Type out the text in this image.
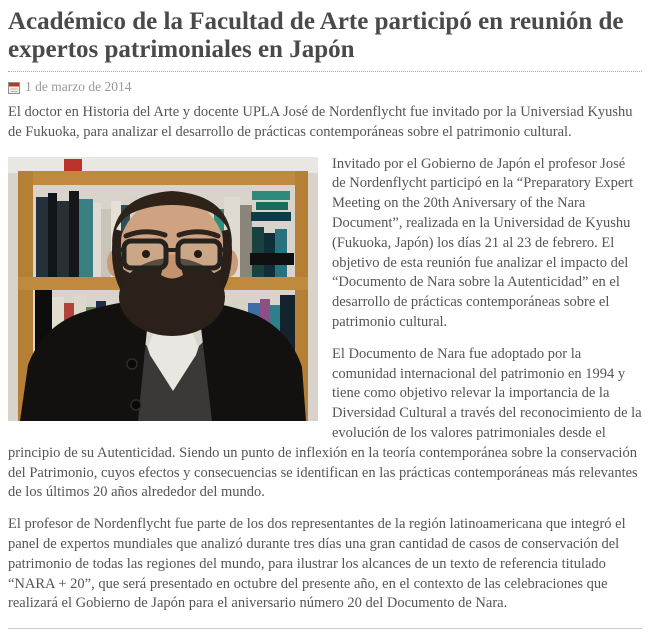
Académico de la Facultad de Arte participó en reunión de expertos patrimoniales en Japón
1 de marzo de 2014

El doctor en Historia del Arte y docente UPLA José de Nordenflycht fue invitado por la Universiad Kyushu de Fukuoka, para analizar el desarrollo de prácticas contemporáneas sobre el patrimonio cultural.

Invitado por el Gobierno de Japón el profesor José de Nordenflycht participó en la “Preparatory Expert Meeting on the 20th Aniversary of the Nara Document”, realizada en la Universidad de Kyushu (Fukuoka, Japón) los días 21 al 23 de febrero. El objetivo de esta reunión fue analizar el impacto del “Documento de Nara sobre la Autenticidad” en el desarrollo de prácticas contemporáneas sobre el patrimonio cultural.

El Documento de Nara fue adoptado por la comunidad internacional del patrimonio en 1994 y tiene como objetivo relevar la importancia de la Diversidad Cultural a través del reconocimiento de la evolución de los valores patrimoniales desde el principio de su Autenticidad. Siendo un punto de inflexión en la teoría contemporánea sobre la conservación del Patrimonio, cuyos efectos y consecuencias se identifican en las prácticas contemporáneas más relevantes de los últimos 20 años alrededor del mundo.

El profesor de Nordenflycht fue parte de los dos representantes de la región latinoamericana que integró el panel de expertos mundiales que analizó durante tres días una gran cantidad de casos de conservación del patrimonio de todas las regiones del mundo, para ilustrar los alcances de un texto de referencia titulado “NARA + 20”, que será presentado en octubre del presente año, en el contexto de las celebraciones que realizará el Gobierno de Japón para el aniversario número 20 del Documento de Nara.
